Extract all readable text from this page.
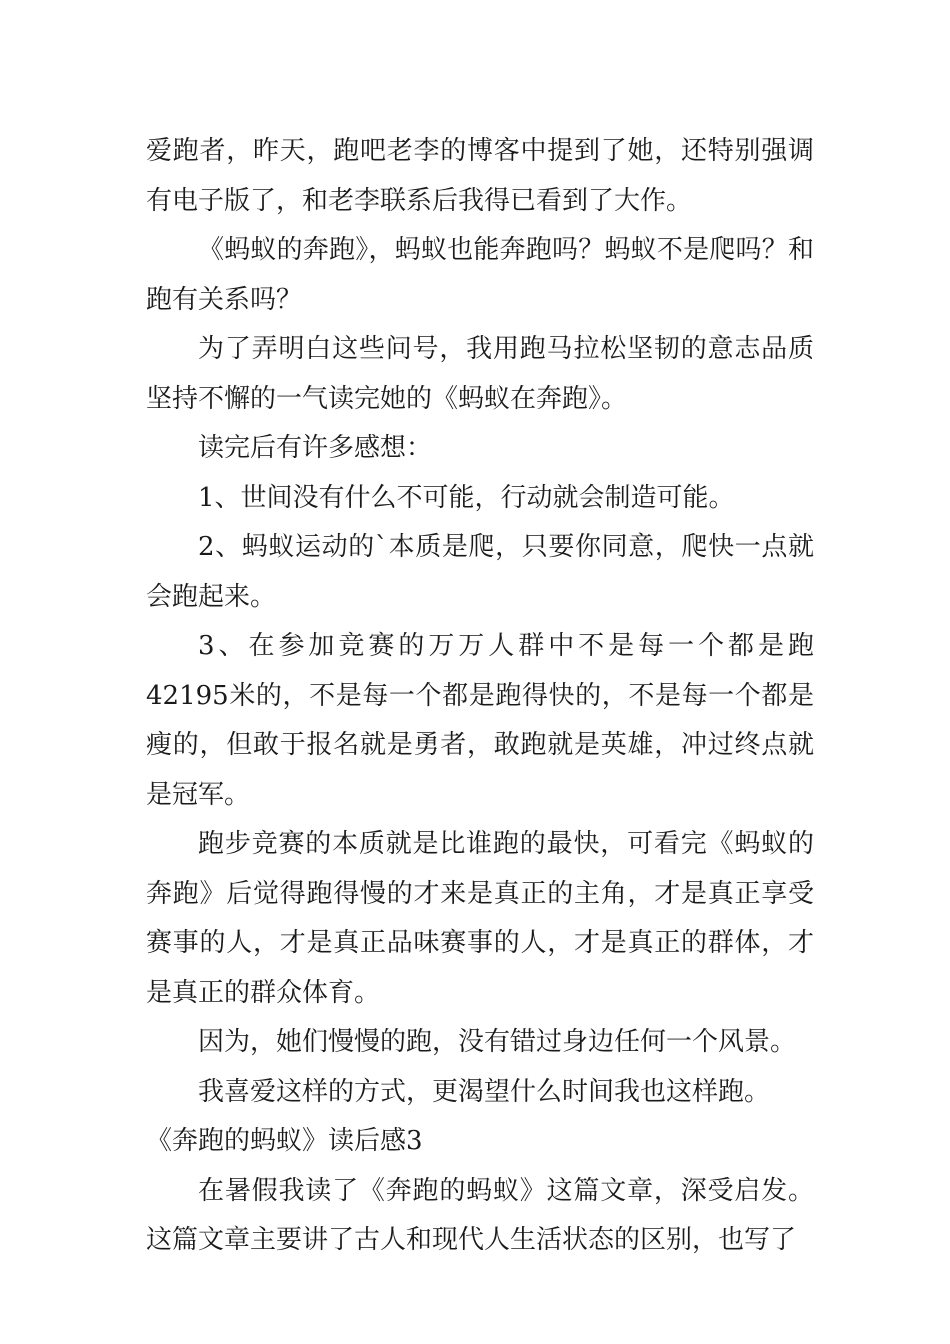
爱跑者，昨天，跑吧老李的博客中提到了她，还特别强调有电子版了，和老李联系后我得已看到了大作。

《蚂蚁的奔跑》，蚂蚁也能奔跑吗？蚂蚁不是爬吗？和跑有关系吗？

为了弄明白这些问号，我用跑马拉松坚韧的意志品质坚持不懈的一气读完她的《蚂蚁在奔跑》。

读完后有许多感想：

1、世间没有什么不可能，行动就会制造可能。

2、蚂蚁运动的`本质是爬，只要你同意，爬快一点就会跑起来。

3、在参加竞赛的万万人群中不是每一个都是跑42195米的，不是每一个都是跑得快的，不是每一个都是瘦的，但敢于报名就是勇者，敢跑就是英雄，冲过终点就是冠军。

跑步竞赛的本质就是比谁跑的最快，可看完《蚂蚁的奔跑》后觉得跑得慢的才来是真正的主角，才是真正享受赛事的人，才是真正品味赛事的人，才是真正的群体，才是真正的群众体育。

因为，她们慢慢的跑，没有错过身边任何一个风景。

我喜爱这样的方式，更渴望什么时间我也这样跑。

《奔跑的蚂蚁》读后感3

在暑假我读了《奔跑的蚂蚁》这篇文章，深受启发。这篇文章主要讲了古人和现代人生活状态的区别，也写了
